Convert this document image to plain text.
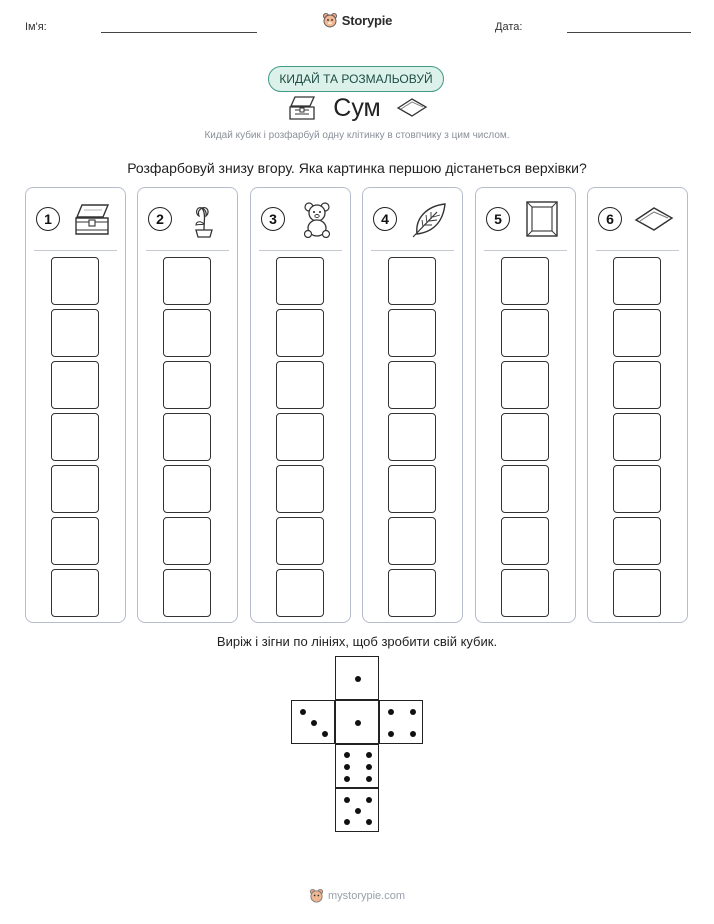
Ім'я:	Дата:
Storypie
КИДАЙ ТА РОЗМАЛЬОВУЙ
Сум
Кидай кубик і розфарбуй одну клітинку в стовпчику з цим числом.
Розфарбовуй знизу вгору. Яка картинка першою дістанеться верхівки?
1	2	3	4	5	6
Виріж і зігни по лініях, щоб зробити свій кубик.
mystorypie.com
